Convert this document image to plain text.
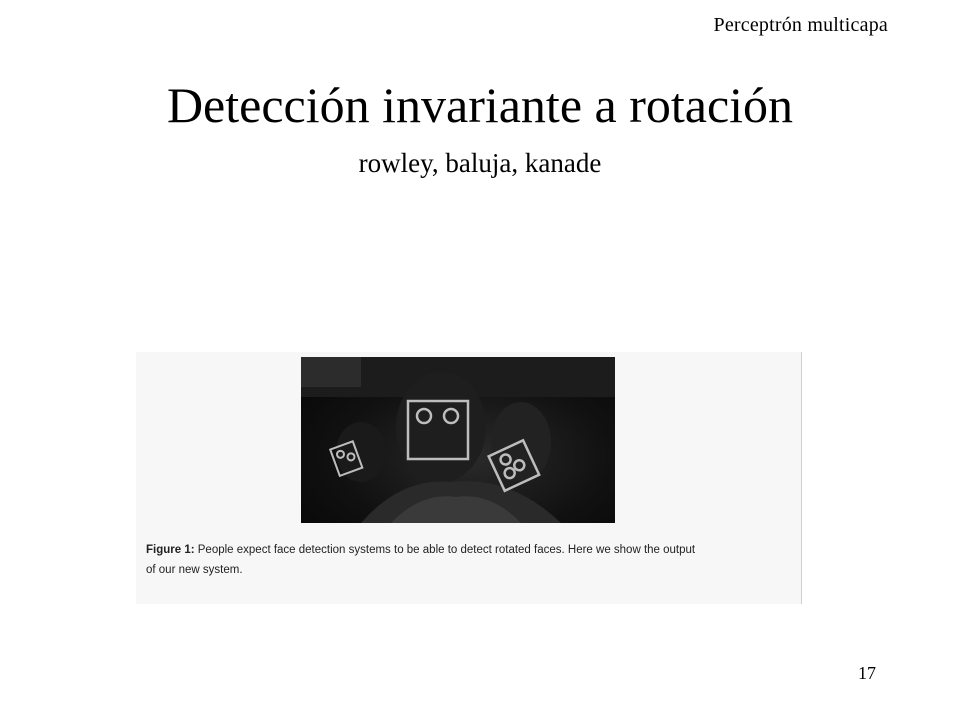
Perceptrón multicapa
Detección invariante a rotación
rowley, baluja, kanade
Figure 1: People expect face detection systems to be able to detect rotated faces. Here we show the output
of our new system.
17
